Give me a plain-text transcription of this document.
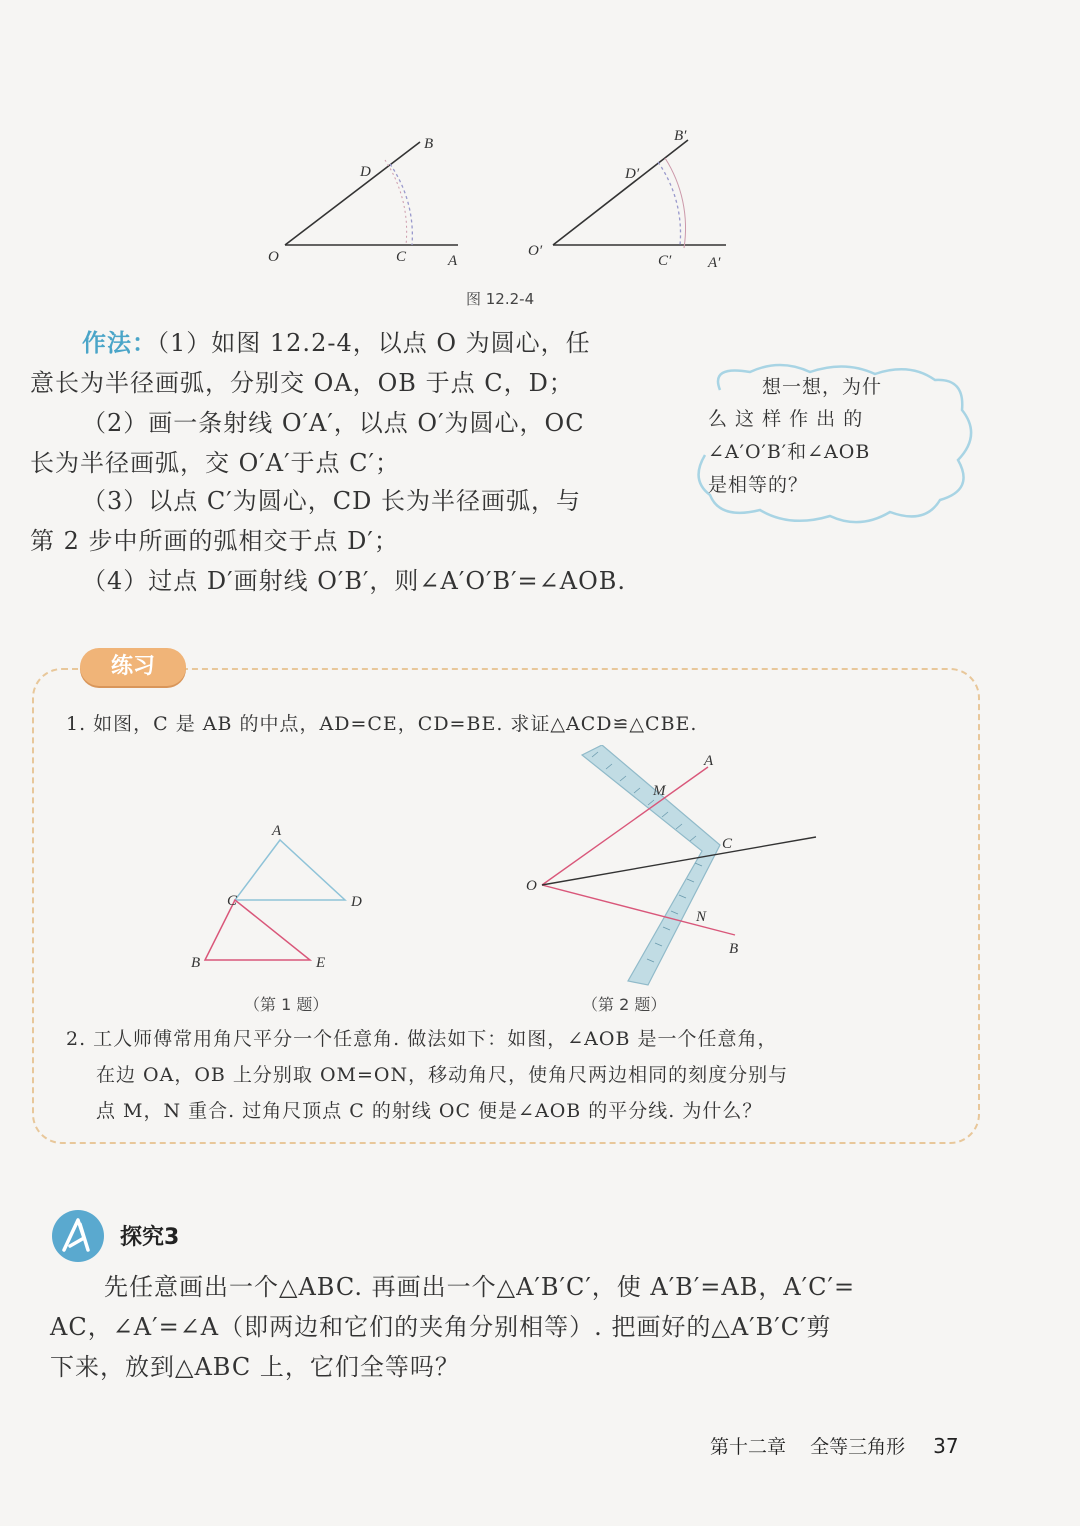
O	C	A
D
B
O′
C′ A′
D′
B′
图 12.2-4
作法：（1）如图 12.2-4，以点 O 为圆心，任
意长为半径画弧，分别交 OA，OB 于点 C，D；
（2）画一条射线 O′A′，以点 O′为圆心，OC
长为半径画弧，交 O′A′于点 C′；
（3）以点 C′为圆心，CD 长为半径画弧，与
第 2 步中所画的弧相交于点 D′；
（4）过点 D′画射线 O′B′，则∠A′O′B′=∠AOB.
想一想，为什
么 这 样 作 出 的
∠A′O′B′和∠AOB
是相等的？
练习
1. 如图，C 是 AB 的中点，AD=CE，CD=BE. 求证△ACD≌△CBE.
A
C	D
B	E
（第 1 题）
O
A
M
C
N
B
（第 2 题）
2. 工人师傅常用角尺平分一个任意角. 做法如下：如图，∠AOB 是一个任意角，
在边 OA，OB 上分别取 OM=ON，移动角尺，使角尺两边相同的刻度分别与
点 M，N 重合. 过角尺顶点 C 的射线 OC 便是∠AOB 的平分线. 为什么？
探究3
先任意画出一个△ABC. 再画出一个△A′B′C′，使 A′B′=AB，A′C′=
AC，∠A′=∠A（即两边和它们的夹角分别相等）. 把画好的△A′B′C′剪
下来，放到△ABC 上，它们全等吗？
第十二章 全等三角形 37
